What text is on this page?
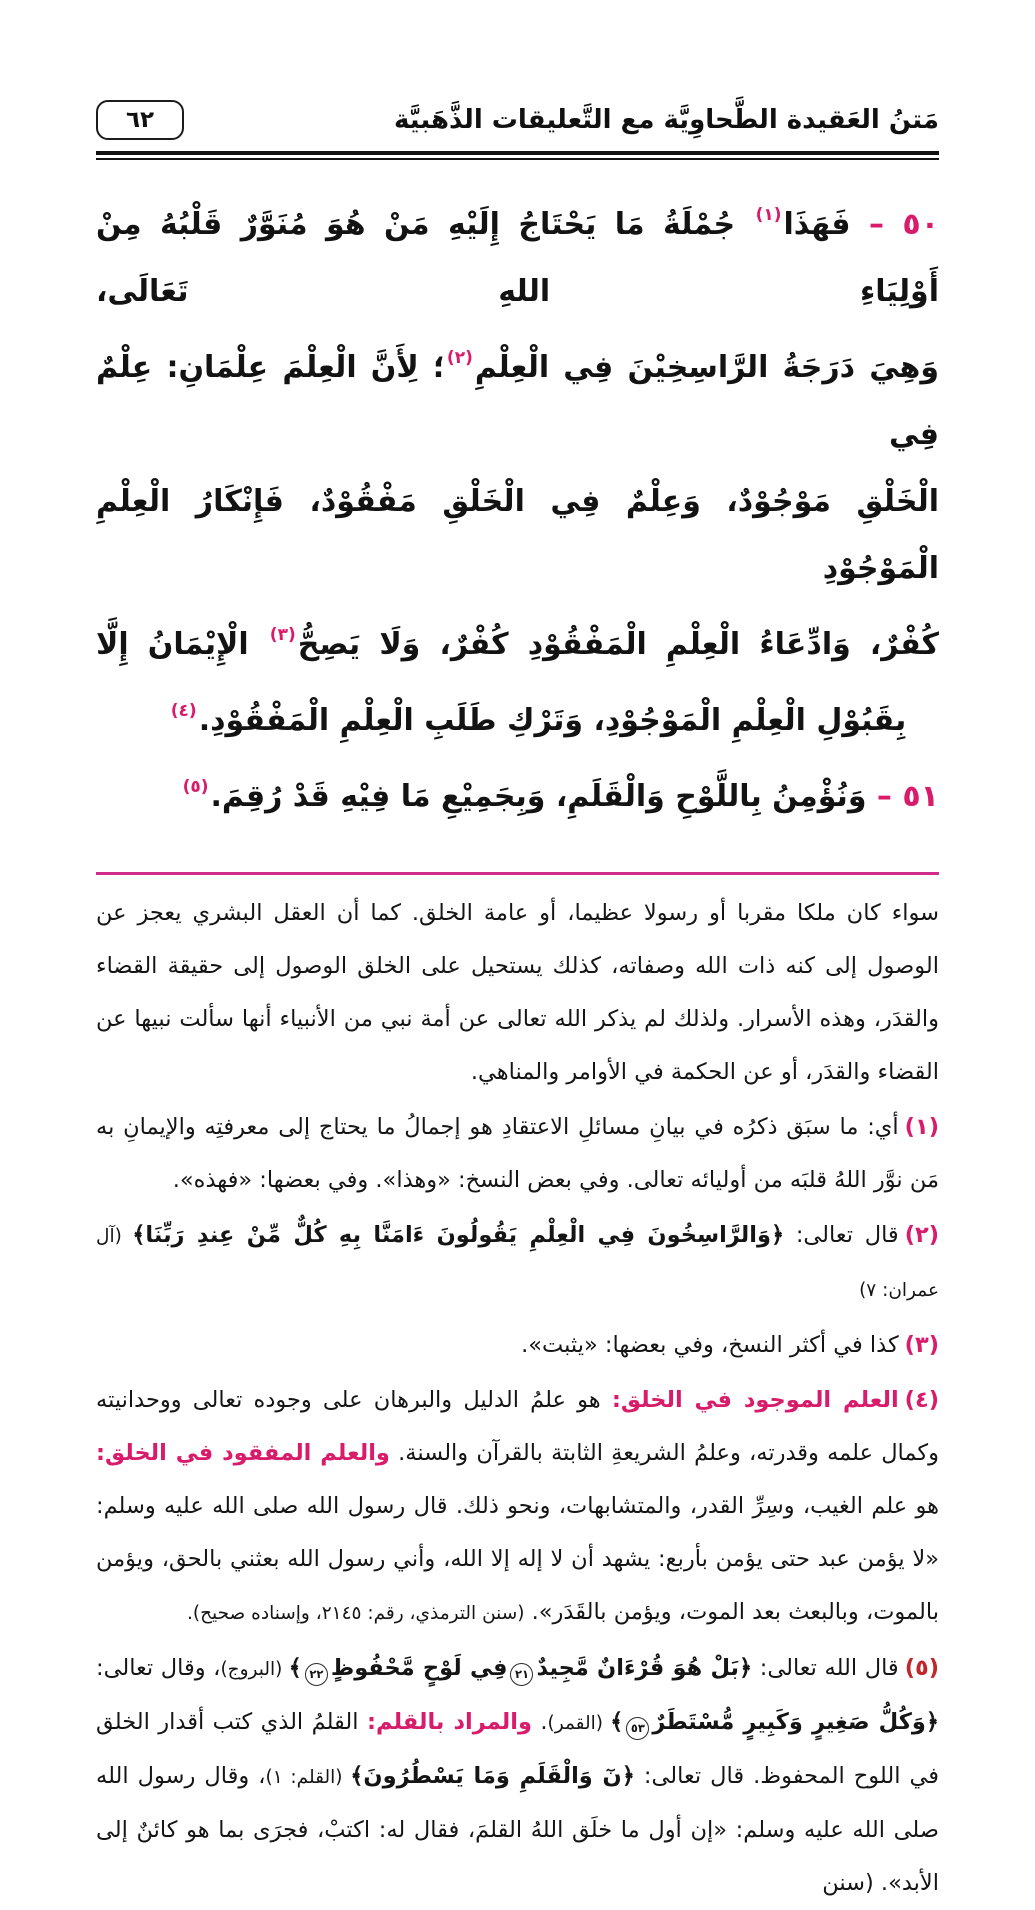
مَتنُ العَقيدة الطَّحاوِيَّة مع التَّعليقات الذَّهَبيَّة
٦٢

٥٠ – فَهَذَا$^{(١)}$ جُمْلَةُ مَا يَحْتَاجُ إِلَيْهِ مَنْ هُوَ مُنَوَّرٌ قَلْبُهُ مِنْ أَوْلِيَاءِ اللهِ تَعَالَى،

وَهِيَ دَرَجَةُ الرَّاسِخِيْنَ فِي الْعِلْمِ$^{(٢)}$؛ لِأَنَّ الْعِلْمَ عِلْمَانِ: عِلْمٌ فِي

الْخَلْقِ مَوْجُوْدٌ، وَعِلْمٌ فِي الْخَلْقِ مَفْقُوْدٌ، فَإِنْكَارُ الْعِلْمِ الْمَوْجُوْدِ

كُفْرٌ، وَادِّعَاءُ الْعِلْمِ الْمَفْقُوْدِ كُفْرٌ، وَلَا يَصِحُّ$^{(٣)}$ الْإِيْمَانُ إِلَّا

بِقَبُوْلِ الْعِلْمِ الْمَوْجُوْدِ، وَتَرْكِ طَلَبِ الْعِلْمِ الْمَفْقُوْدِ.$^{(٤)}$

٥١ – وَنُؤْمِنُ بِاللَّوْحِ وَالْقَلَمِ، وَبِجَمِيْعِ مَا فِيْهِ قَدْ رُقِمَ.$^{(٥)}$

سواء كان ملكا مقربا أو رسولا عظيما، أو عامة الخلق. كما أن العقل البشري يعجز عن الوصول إلى كنه ذات الله وصفاته، كذلك يستحيل على الخلق الوصول إلى حقيقة القضاء والقدَر، وهذه الأسرار. ولذلك لم يذكر الله تعالى عن أمة نبي من الأنبياء أنها سألت نبيها عن القضاء والقدَر، أو عن الحكمة في الأوامر والمناهي.

(١)أي: ما سبَق ذكرُه في بيانِ مسائلِ الاعتقادِ هو إجمالُ ما يحتاج إلى معرفتِه والإيمانِ به مَن نوَّر اللهُ قلبَه من أوليائه تعالى. وفي بعض النسخ: «وهذا». وفي بعضها: «فهذه».

(٢)قال تعالى: ﴿وَالرَّاسِخُونَ فِي الْعِلْمِ يَقُولُونَ ءَامَنَّا بِهِ كُلٌّ مِّنْ عِندِ رَبِّنَا﴾ (آل عمران: ٧)

(٣)كذا في أكثر النسخ، وفي بعضها: «يثبت».

(٤)العلم الموجود في الخلق: هو علمُ الدليل والبرهان على وجوده تعالى ووحدانيته وكمال علمه وقدرته، وعلمُ الشريعةِ الثابتة بالقرآن والسنة. والعلم المفقود في الخلق: هو علم الغيب، وسِرِّ القدر، والمتشابهات، ونحو ذلك. قال رسول الله صلى الله عليه وسلم: «لا يؤمن عبد حتى يؤمن بأربع: يشهد أن لا إله إلا الله، وأني رسول الله بعثني بالحق، ويؤمن بالموت، وبالبعث بعد الموت، ويؤمن بالقَدَر». (سنن الترمذي، رقم: ٢١٤٥، وإسناده صحيح).

(٥)قال الله تعالى: ﴿بَلْ هُوَ قُرْءَانٌ مَّجِيدٌ٢١فِي لَوْحٍ مَّحْفُوظٍ٢٢﴾ (البروج)، وقال تعالى: ﴿وَكُلُّ صَغِيرٍ وَكَبِيرٍ مُّسْتَطَرٌ٥٣﴾ (القمر). والمراد بالقلم: القلمُ الذي كتب أقدار الخلق في اللوح المحفوظ. قال تعالى: ﴿نٓ وَالْقَلَمِ وَمَا يَسْطُرُونَ﴾ (القلم: ١)، وقال رسول الله صلى الله عليه وسلم: «إن أول ما خلَق اللهُ القلمَ، فقال له: اكتبْ، فجرَى بما هو كائنٌ إلى الأبد». (سنن
